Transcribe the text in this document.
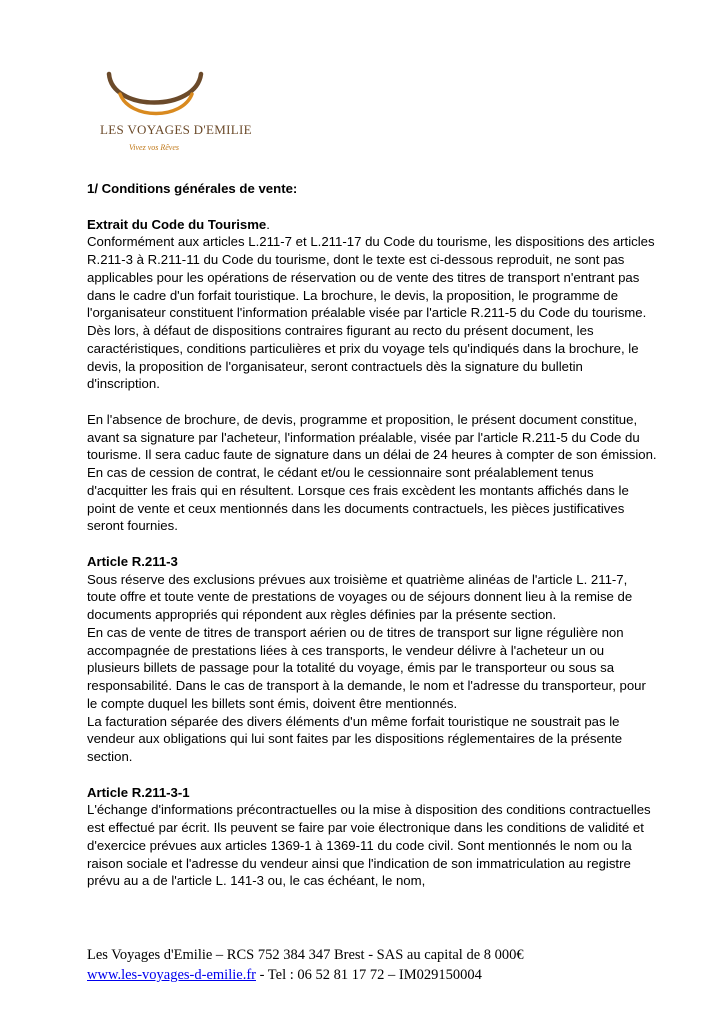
LES VOYAGES D'EMILIE
Vivez vos Rêves

1/ Conditions générales de vente:

Extrait du Code du Tourisme.

Conformément aux articles L.211-7 et L.211-17 du Code du tourisme, les dispositions des articles R.211-3 à R.211-11 du Code du tourisme, dont le texte est ci-dessous reproduit, ne sont pas applicables pour les opérations de réservation ou de vente des titres de transport n'entrant pas dans le cadre d'un forfait touristique. La brochure, le devis, la proposition, le programme de l'organisateur constituent l'information préalable visée par l'article R.211-5 du Code du tourisme. Dès lors, à défaut de dispositions contraires figurant au recto du présent document, les caractéristiques, conditions particulières et prix du voyage tels qu'indiqués dans la brochure, le devis, la proposition de l'organisateur, seront contractuels dès la signature du bulletin d'inscription.

En l'absence de brochure, de devis, programme et proposition, le présent document constitue, avant sa signature par l'acheteur, l'information préalable, visée par l'article R.211-5 du Code du tourisme. Il sera caduc faute de signature dans un délai de 24 heures à compter de son émission.

En cas de cession de contrat, le cédant et/ou le cessionnaire sont préalablement tenus d'acquitter les frais qui en résultent. Lorsque ces frais excèdent les montants affichés dans le point de vente et ceux mentionnés dans les documents contractuels, les pièces justificatives seront fournies.

Article R.211-3

Sous réserve des exclusions prévues aux troisième et quatrième alinéas de l'article L. 211-7, toute offre et toute vente de prestations de voyages ou de séjours donnent lieu à la remise de documents appropriés qui répondent aux règles définies par la présente section.

En cas de vente de titres de transport aérien ou de titres de transport sur ligne régulière non accompagnée de prestations liées à ces transports, le vendeur délivre à l'acheteur un ou plusieurs billets de passage pour la totalité du voyage, émis par le transporteur ou sous sa responsabilité. Dans le cas de transport à la demande, le nom et l'adresse du transporteur, pour le compte duquel les billets sont émis, doivent être mentionnés.

La facturation séparée des divers éléments d'un même forfait touristique ne soustrait pas le vendeur aux obligations qui lui sont faites par les dispositions réglementaires de la présente section.

Article R.211-3-1

L'échange d'informations précontractuelles ou la mise à disposition des conditions contractuelles est effectué par écrit. Ils peuvent se faire par voie électronique dans les conditions de validité et d'exercice prévues aux articles 1369-1 à 1369-11 du code civil. Sont mentionnés le nom ou la raison sociale et l'adresse du vendeur ainsi que l'indication de son immatriculation au registre prévu au a de l'article L. 141-3 ou, le cas échéant, le nom,

Les Voyages d'Emilie – RCS 752 384 347 Brest - SAS au capital de 8 000€

www.les-voyages-d-emilie.fr - Tel : 06 52 81 17 72 – IM029150004
